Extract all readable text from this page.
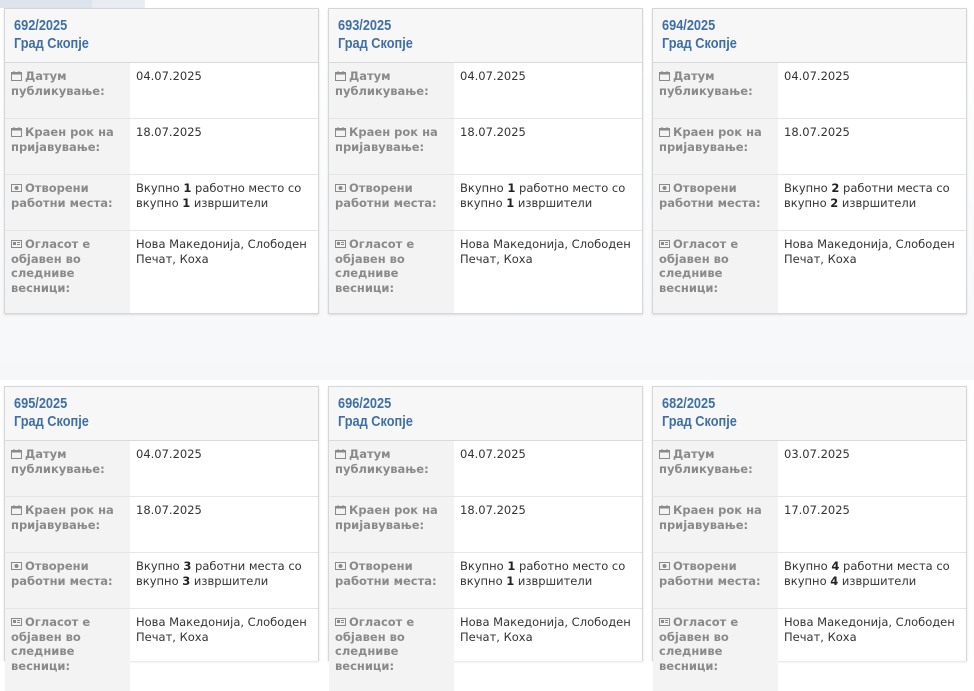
692/2025
Град Скопје
Датум
публикување:
04.07.2025
Краен рок на
пријавување:
18.07.2025
Отворени
работни места:
Вкупно 1 работно место со
вкупно 1 извршители
Огласот е
објавен во
следниве
весници:
Нова Македонија, Слободен
Печат, Коха
693/2025
Град Скопје
Датум
публикување:
04.07.2025
Краен рок на
пријавување:
18.07.2025
Отворени
работни места:
Вкупно 1 работно место со
вкупно 1 извршители
Огласот е
објавен во
следниве
весници:
Нова Македонија, Слободен
Печат, Коха
694/2025
Град Скопје
Датум
публикување:
04.07.2025
Краен рок на
пријавување:
18.07.2025
Отворени
работни места:
Вкупно 2 работни места со
вкупно 2 извршители
Огласот е
објавен во
следниве
весници:
Нова Македонија, Слободен
Печат, Коха
695/2025
Град Скопје
Датум
публикување:
04.07.2025
Краен рок на
пријавување:
18.07.2025
Отворени
работни места:
Вкупно 3 работни места со
вкупно 3 извршители
Огласот е
објавен во
следниве
весници:
Нова Македонија, Слободен
Печат, Коха
696/2025
Град Скопје
Датум
публикување:
04.07.2025
Краен рок на
пријавување:
18.07.2025
Отворени
работни места:
Вкупно 1 работно место со
вкупно 1 извршители
Огласот е
објавен во
следниве
весници:
Нова Македонија, Слободен
Печат, Коха
682/2025
Град Скопје
Датум
публикување:
03.07.2025
Краен рок на
пријавување:
17.07.2025
Отворени
работни места:
Вкупно 4 работни места со
вкупно 4 извршители
Огласот е
објавен во
следниве
весници:
Нова Македонија, Слободен
Печат, Коха
